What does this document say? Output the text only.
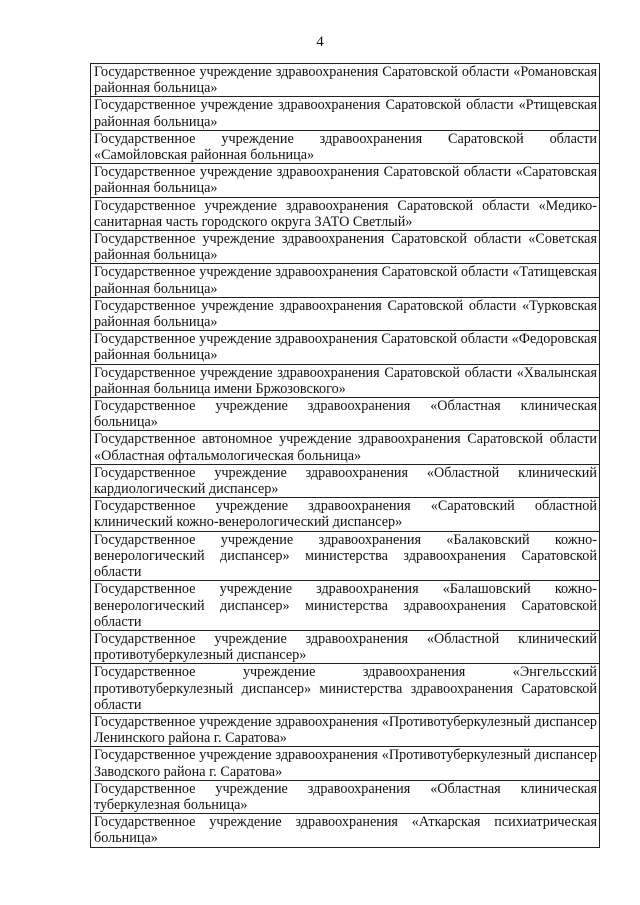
4
Государственное учреждение здравоохранения Саратовской области «Романовская районная больница»
Государственное учреждение здравоохранения Саратовской области «Ртищевская районная больница»
Государственное учреждение здравоохранения Саратовской области «Самойловская районная больница»
Государственное учреждение здравоохранения Саратовской области «Саратовская районная больница»
Государственное учреждение здравоохранения Саратовской области «Медико-санитарная часть городского округа ЗАТО Светлый»
Государственное учреждение здравоохранения Саратовской области «Советская районная больница»
Государственное учреждение здравоохранения Саратовской области «Татищевская районная больница»
Государственное учреждение здравоохранения Саратовской области «Турковская районная больница»
Государственное учреждение здравоохранения Саратовской области «Федоровская районная больница»
Государственное учреждение здравоохранения Саратовской области «Хвалынская районная больница имени Бржозовского»
Государственное учреждение здравоохранения «Областная клиническая больница»
Государственное автономное учреждение здравоохранения Саратовской области «Областная офтальмологическая больница»
Государственное учреждение здравоохранения «Областной клинический кардиологический диспансер»
Государственное учреждение здравоохранения «Саратовский областной клинический кожно-венерологический диспансер»
Государственное учреждение здравоохранения «Балаковский кожно-венерологический диспансер» министерства здравоохранения Саратовской области
Государственное учреждение здравоохранения «Балашовский кожно-венерологический диспансер» министерства здравоохранения Саратовской области
Государственное учреждение здравоохранения «Областной клинический противотуберкулезный диспансер»
Государственное учреждение здравоохранения «Энгельсский противотуберкулезный диспансер» министерства здравоохранения Саратовской области
Государственное учреждение здравоохранения «Противотуберкулезный диспансер Ленинского района г. Саратова»
Государственное учреждение здравоохранения «Противотуберкулезный диспансер Заводского района г. Саратова»
Государственное учреждение здравоохранения «Областная клиническая туберкулезная больница»
Государственное учреждение здравоохранения «Аткарская психиатрическая больница»
